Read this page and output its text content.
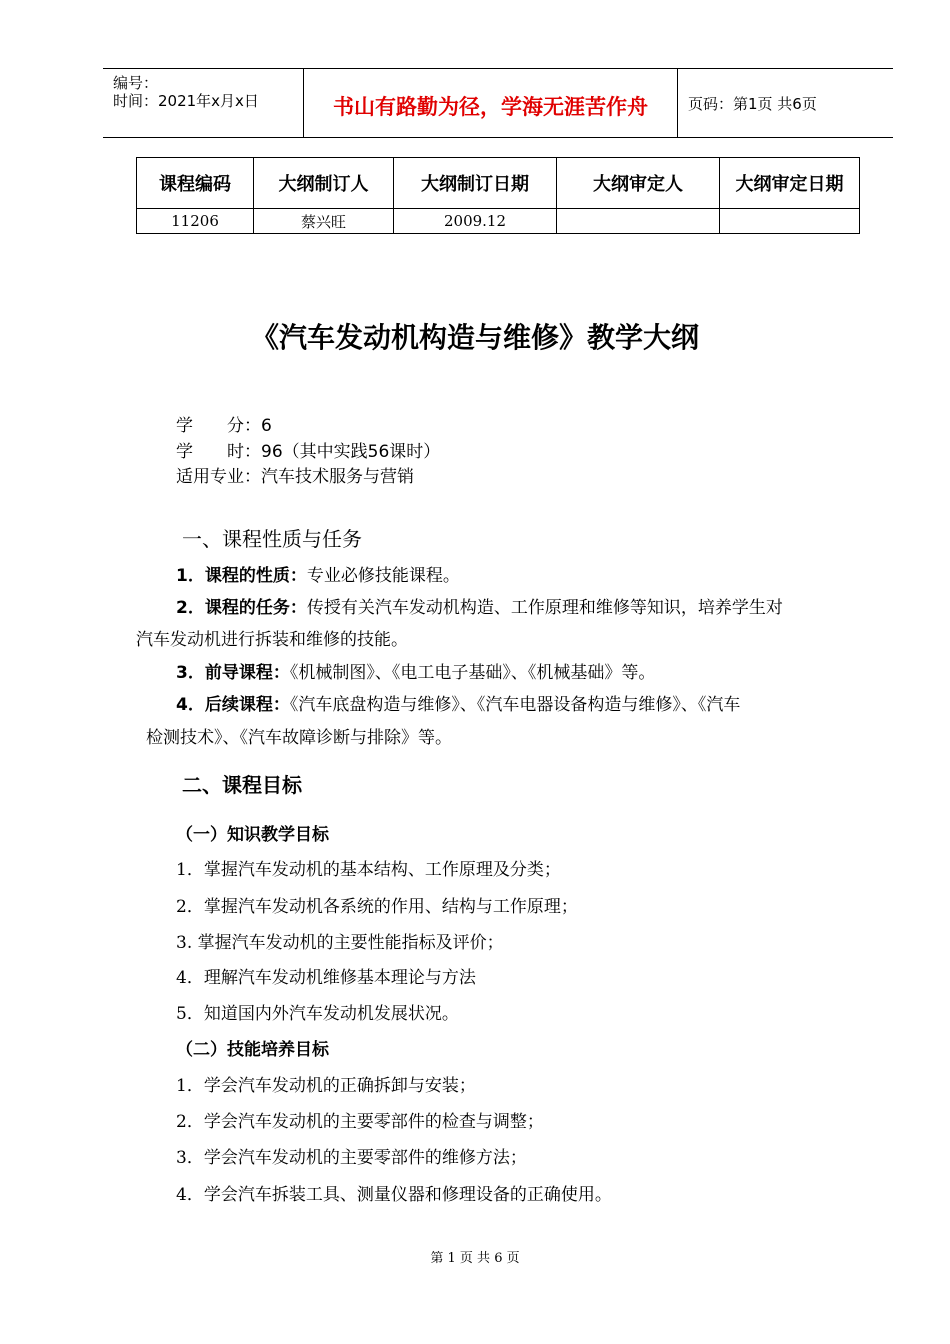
编号：
时间：2021年x月x日	书山有路勤为径，学海无涯苦作舟	页码：第1页 共6页
课程编码	大纲制订人	大纲制订日期	大纲审定人	大纲审定日期
11206	蔡兴旺	2009.12		
《汽车发动机构造与维修》教学大纲
学　　分：6
学　　时：96（其中实践56课时）
适用专业：汽车技术服务与营销
一、课程性质与任务
1．课程的性质：专业必修技能课程。
2．课程的任务：传授有关汽车发动机构造、工作原理和维修等知识，培养学生对
汽车发动机进行拆装和维修的技能。
3．前导课程：《机械制图》、《电工电子基础》、《机械基础》等。
4．后续课程：《汽车底盘构造与维修》、《汽车电器设备构造与维修》、《汽车
检测技术》、《汽车故障诊断与排除》等。
二、课程目标
（一）知识教学目标
1．掌握汽车发动机的基本结构、工作原理及分类；
2．掌握汽车发动机各系统的作用、结构与工作原理；
3. 掌握汽车发动机的主要性能指标及评价；
4．理解汽车发动机维修基本理论与方法
5．知道国内外汽车发动机发展状况。
（二）技能培养目标
1．学会汽车发动机的正确拆卸与安装；
2．学会汽车发动机的主要零部件的检查与调整；
3．学会汽车发动机的主要零部件的维修方法；
4．学会汽车拆装工具、测量仪器和修理设备的正确使用。
第 1 页 共 6 页
